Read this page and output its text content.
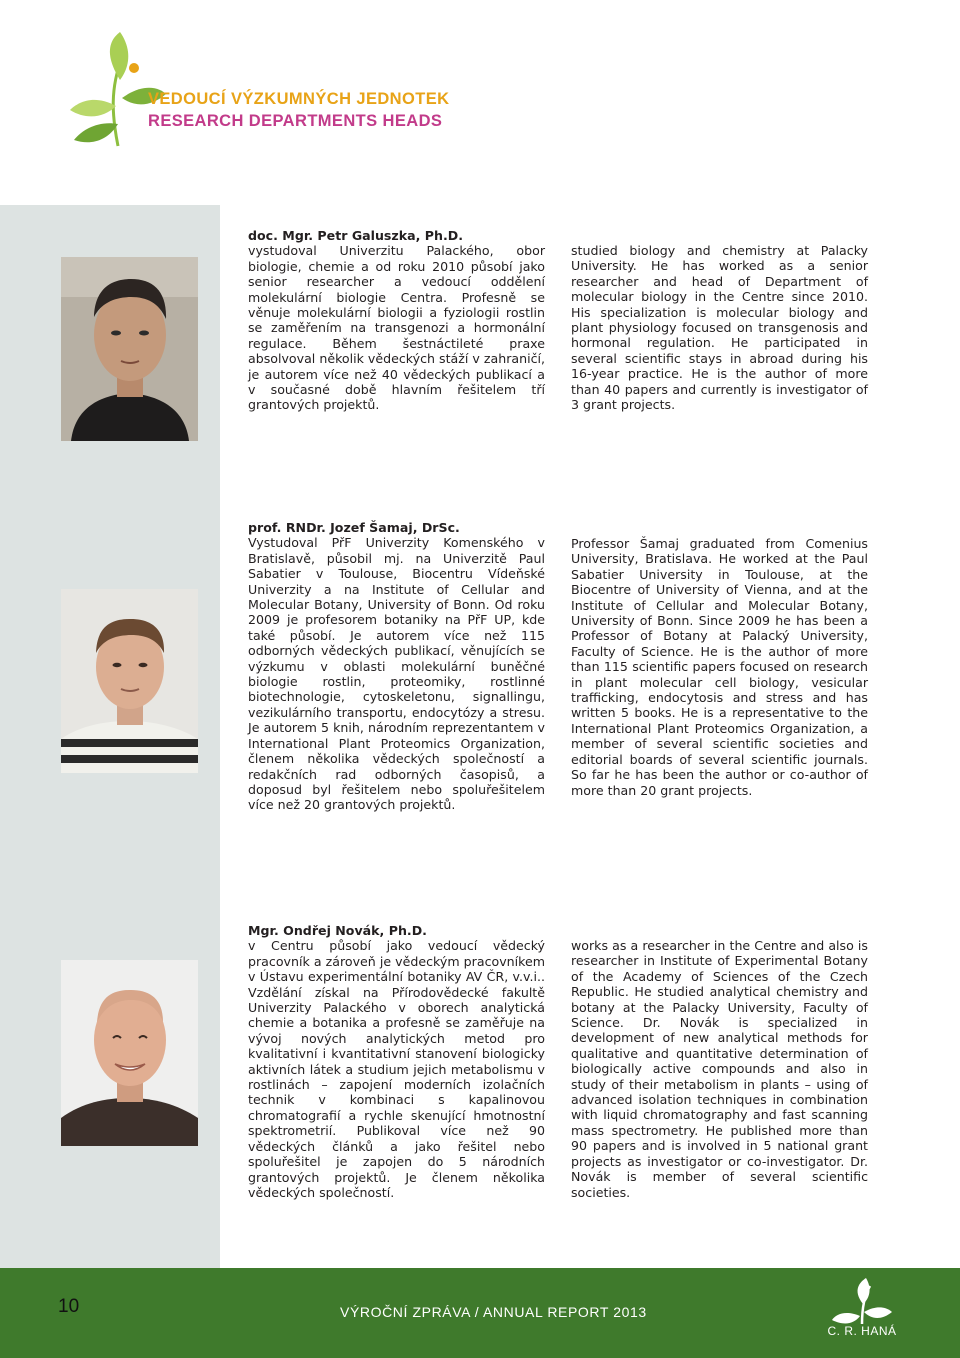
VEDOUCÍ VÝZKUMNÝCH JEDNOTEK
RESEARCH DEPARTMENTS HEADS
doc. Mgr. Petr Galuszka, Ph.D.
vystudoval Univerzitu Palackého, obor biologie, chemie a od roku 2010 působí jako senior researcher a vedoucí oddělení molekulární biologie Centra. Profesně se věnuje molekulární biologii a fyziologii rostlin se zaměřením na transgenozi a hormonální regulace. Během šestnáctileté praxe absolvoval několik vědeckých stáží v zahraničí, je autorem více než 40 vědeckých publikací a v současné době hlavním řešitelem tří grantových projektů.
studied biology and chemistry at Palacky University. He has worked as a senior researcher and head of Department of molecular biology in the Centre since 2010. His specialization is molecular biology and plant physiology focused on transgenosis and hormonal regulation. He participated in several scientific stays in abroad during his 16-year practice. He is the author of more than 40 papers and currently is investigator of 3 grant projects.
prof. RNDr. Jozef Šamaj, DrSc.
Vystudoval PřF Univerzity Komenského v Bratislavě, působil mj. na Univerzitě Paul Sabatier v Toulouse, Biocentru Vídeňské Univerzity a na Institute of Cellular and Molecular Botany, University of Bonn. Od roku 2009 je profesorem botaniky na PřF UP, kde také působí. Je autorem více než 115 odborných vědeckých publikací, věnujících se výzkumu v oblasti molekulární buněčné biologie rostlin, proteomiky, rostlinné biotechnologie, cytoskeletonu, signallingu, vezikulárního transportu, endocytózy a stresu. Je autorem 5 knih, národním reprezentantem v International Plant Proteomics Organization, členem několika vědeckých společností a redakčních rad odborných časopisů, a doposud byl řešitelem nebo spoluřešitelem více než 20 grantových projektů.
Professor Šamaj graduated from Comenius University, Bratislava. He worked at the Paul Sabatier University in Toulouse, at the Biocentre of University of Vienna, and at the Institute of Cellular and Molecular Botany, University of Bonn. Since 2009 he has been a Professor of Botany at Palacký University, Faculty of Science. He is the author of more than 115 scientific papers focused on research in plant molecular cell biology, vesicular trafficking, endocytosis and stress and has written 5 books. He is a representative to the International Plant Proteomics Organization, a member of several scientific societies and editorial boards of several scientific journals. So far he has been the author or co-author of more than 20 grant projects.
Mgr. Ondřej Novák, Ph.D.
v Centru působí jako vedoucí vědecký pracovník a zároveň je vědeckým pracovníkem v Ústavu experimentální botaniky AV ČR, v.v.i.. Vzdělání získal na Přírodovědecké fakultě Univerzity Palackého v oborech analytická chemie a botanika a profesně se zaměřuje na vývoj nových analytických metod pro kvalitativní i kvantitativní stanovení biologicky aktivních látek a studium jejich metabolismu v rostlinách – zapojení moderních izolačních technik v kombinaci s kapalinovou chromatografií a rychle skenující hmotnostní spektrometrií. Publikoval více než 90 vědeckých článků a jako řešitel nebo spoluřešitel je zapojen do 5 národních grantových projektů. Je členem několika vědeckých společností.
works as a researcher in the Centre and also is researcher in Institute of Experimental Botany of the Academy of Sciences of the Czech Republic. He studied analytical chemistry and botany at the Palacky University, Faculty of Science. Dr. Novák is specialized in development of new analytical methods for qualitative and quantitative determination of biologically active compounds and also in study of their metabolism in plants – using of advanced isolation techniques in combination with liquid chromatography and fast scanning mass spectrometry. He published more than 90 papers and is involved in 5 national grant projects as investigator or co-investigator. Dr. Novák is member of several scientific societies.
10	VÝROČNÍ ZPRÁVA / ANNUAL REPORT 2013
C. R. HANÁ
